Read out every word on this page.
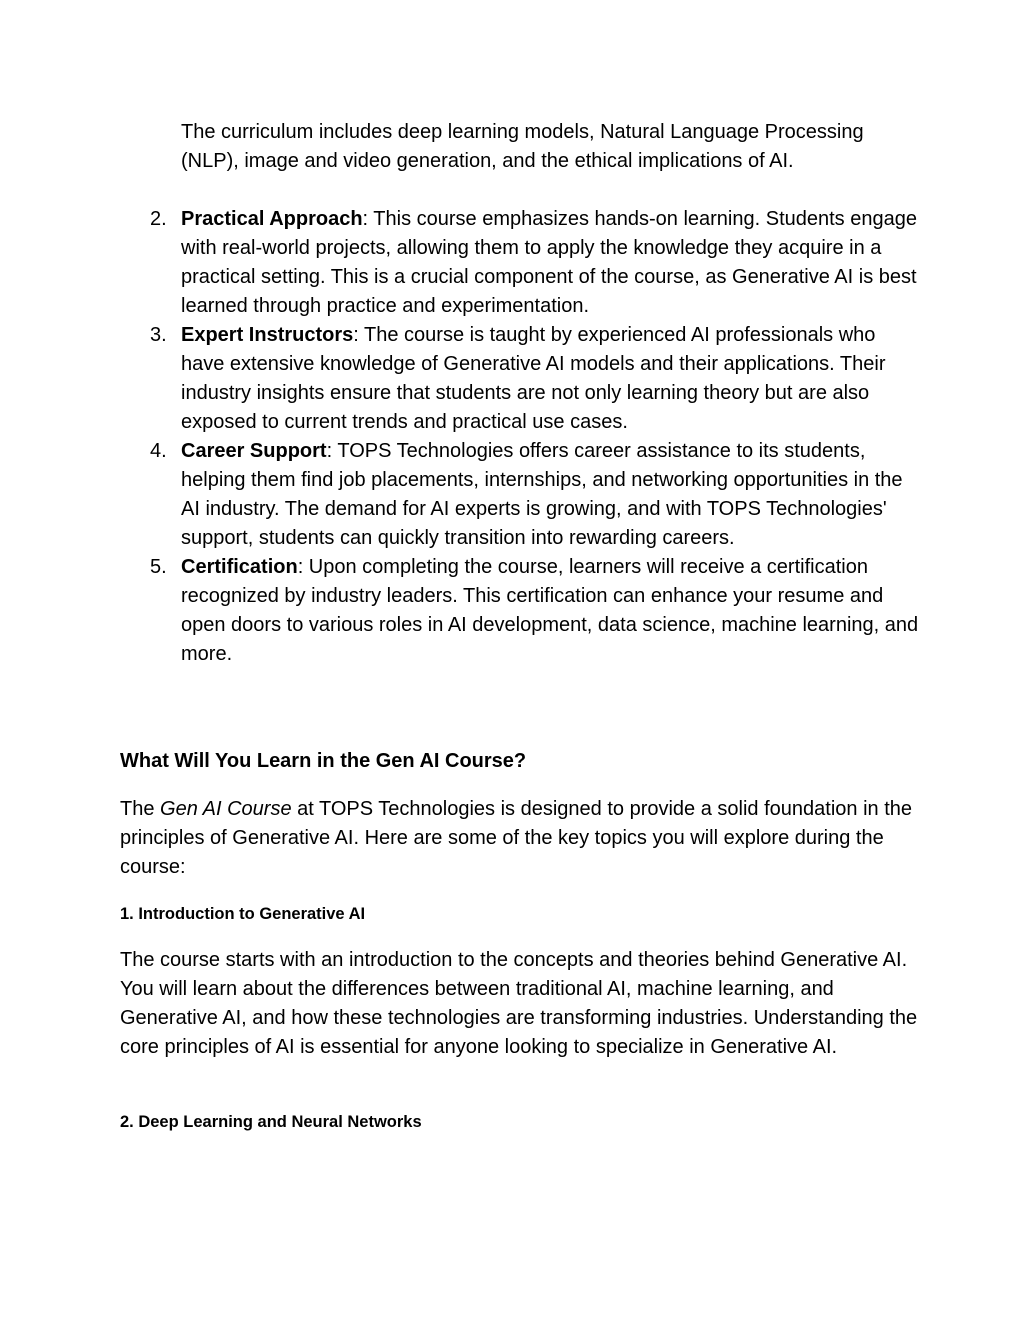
The curriculum includes deep learning models, Natural Language Processing (NLP), image and video generation, and the ethical implications of AI.

2. Practical Approach: This course emphasizes hands-on learning. Students engage with real-world projects, allowing them to apply the knowledge they acquire in a practical setting. This is a crucial component of the course, as Generative AI is best learned through practice and experimentation.
3. Expert Instructors: The course is taught by experienced AI professionals who have extensive knowledge of Generative AI models and their applications. Their industry insights ensure that students are not only learning theory but are also exposed to current trends and practical use cases.
4. Career Support: TOPS Technologies offers career assistance to its students, helping them find job placements, internships, and networking opportunities in the AI industry. The demand for AI experts is growing, and with TOPS Technologies' support, students can quickly transition into rewarding careers.
5. Certification: Upon completing the course, learners will receive a certification recognized by industry leaders. This certification can enhance your resume and open doors to various roles in AI development, data science, machine learning, and more.
What Will You Learn in the Gen AI Course?

The Gen AI Course at TOPS Technologies is designed to provide a solid foundation in the principles of Generative AI. Here are some of the key topics you will explore during the course:

1. Introduction to Generative AI

The course starts with an introduction to the concepts and theories behind Generative AI. You will learn about the differences between traditional AI, machine learning, and Generative AI, and how these technologies are transforming industries. Understanding the core principles of AI is essential for anyone looking to specialize in Generative AI.

2. Deep Learning and Neural Networks
